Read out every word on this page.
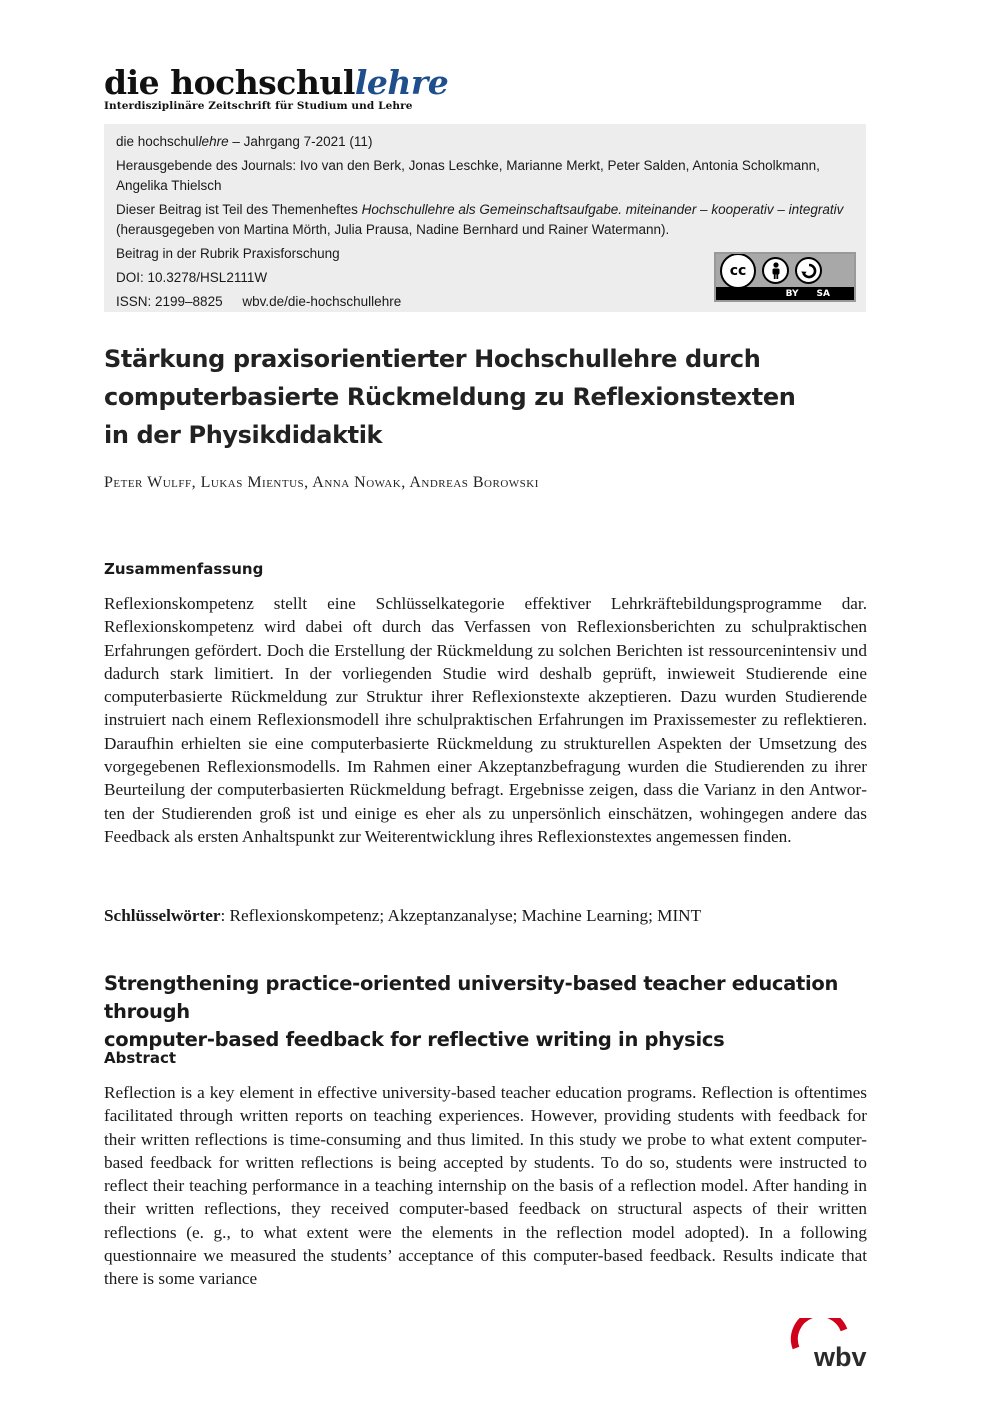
die hochschullehre
Interdisziplinäre Zeitschrift für Studium und Lehre
die hochschullehre – Jahrgang 7-2021 (11)
Herausgebende des Journals: Ivo van den Berk, Jonas Leschke, Marianne Merkt, Peter Salden, Antonia Scholkmann, Angelika Thielsch
Dieser Beitrag ist Teil des Themenheftes Hochschullehre als Gemeinschaftsaufgabe. miteinander – kooperativ – integrativ (herausgegeben von Martina Mörth, Julia Prausa, Nadine Bernhard und Rainer Watermann).
Beitrag in der Rubrik Praxisforschung
DOI: 10.3278/HSL2111W
ISSN: 2199–8825 wbv.de/die-hochschullehre
cc
BY SA
Stärkung praxisorientierter Hochschullehre durch
computerbasierte Rückmeldung zu Reflexionstexten
in der Physikdidaktik
Peter Wulff, Lukas Mientus, Anna Nowak, Andreas Borowski
Zusammenfassung
Reflexionskompetenz stellt eine Schlüsselkategorie effektiver Lehrkräftebildungsprogramme dar. Reflexionskompetenz wird dabei oft durch das Verfassen von Reflexionsberichten zu schulpraktischen Erfahrungen gefördert. Doch die Erstellung der Rückmeldung zu solchen Berichten ist ressourcenintensiv und dadurch stark limitiert. In der vorliegenden Studie wird deshalb geprüft, inwieweit Studierende eine computerbasierte Rückmeldung zur Struktur ihrer Reflexionstexte akzeptieren. Dazu wurden Studierende instruiert nach einem Reflexionsmodell ihre schulpraktischen Erfahrungen im Praxissemester zu reflektieren. Daraufhin erhielten sie eine computerbasierte Rückmeldung zu strukturellen Aspekten der Umsetzung des vorgegebenen Reflexionsmodells. Im Rahmen einer Akzeptanzbefragung wurden die Studierenden zu ihrer Beurteilung der computerbasierten Rückmeldung befragt. Ergebnisse zeigen, dass die Varianz in den Antworten der Studierenden groß ist und einige es eher als zu unpersönlich einschätzen, wohingegen andere das Feedback als ersten Anhaltspunkt zur Weiterentwicklung ihres Reflexionstextes angemessen finden.
Schlüsselwörter: Reflexionskompetenz; Akzeptanzanalyse; Machine Learning; MINT
Strengthening practice-oriented university-based teacher education through
computer-based feedback for reflective writing in physics
Abstract
Reflection is a key element in effective university-based teacher education programs. Reflection is oftentimes facilitated through written reports on teaching experiences. However, providing students with feedback for their written reflections is time-consuming and thus limited. In this study we probe to what extent computer-based feedback for written reflections is being accepted by students. To do so, students were instructed to reflect their teaching performance in a teaching internship on the basis of a reflection model. After handing in their written reflections, they received computer-based feedback on structural aspects of their written reflections (e. g., to what extent were the elements in the reflection model adopted). In a following questionnaire we measured the students’ acceptance of this computer-based feedback. Results indicate that there is some variance
wbv
